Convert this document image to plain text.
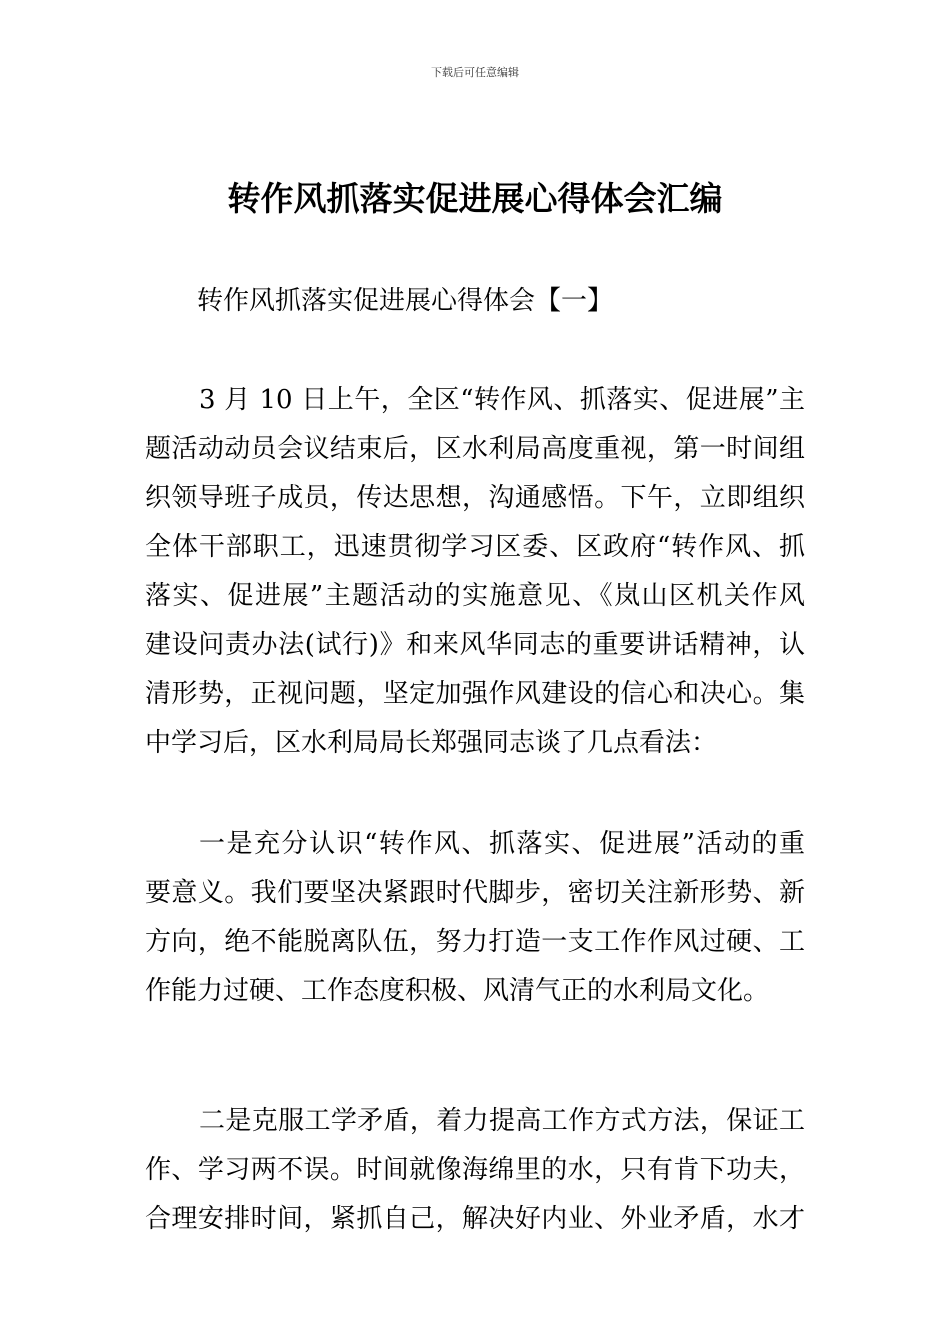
下载后可任意编辑
转作风抓落实促进展心得体会汇编
转作风抓落实促进展心得体会【一】
3 月 10 日上午，全区“转作风、抓落实、促进展”主
题活动动员会议结束后，区水利局高度重视，第一时间组
织领导班子成员，传达思想，沟通感悟。下午，立即组织
全体干部职工，迅速贯彻学习区委、区政府“转作风、抓
落实、促进展”主题活动的实施意见、《岚山区机关作风
建设问责办法(试行)》和来风华同志的重要讲话精神，认
清形势，正视问题，坚定加强作风建设的信心和决心。集
中学习后，区水利局局长郑强同志谈了几点看法：
一是充分认识“转作风、抓落实、促进展”活动的重
要意义。我们要坚决紧跟时代脚步，密切关注新形势、新
方向，绝不能脱离队伍，努力打造一支工作作风过硬、工
作能力过硬、工作态度积极、风清气正的水利局文化。
二是克服工学矛盾，着力提高工作方式方法，保证工
作、学习两不误。时间就像海绵里的水，只有肯下功夫，
合理安排时间，紧抓自己，解决好内业、外业矛盾，水才
